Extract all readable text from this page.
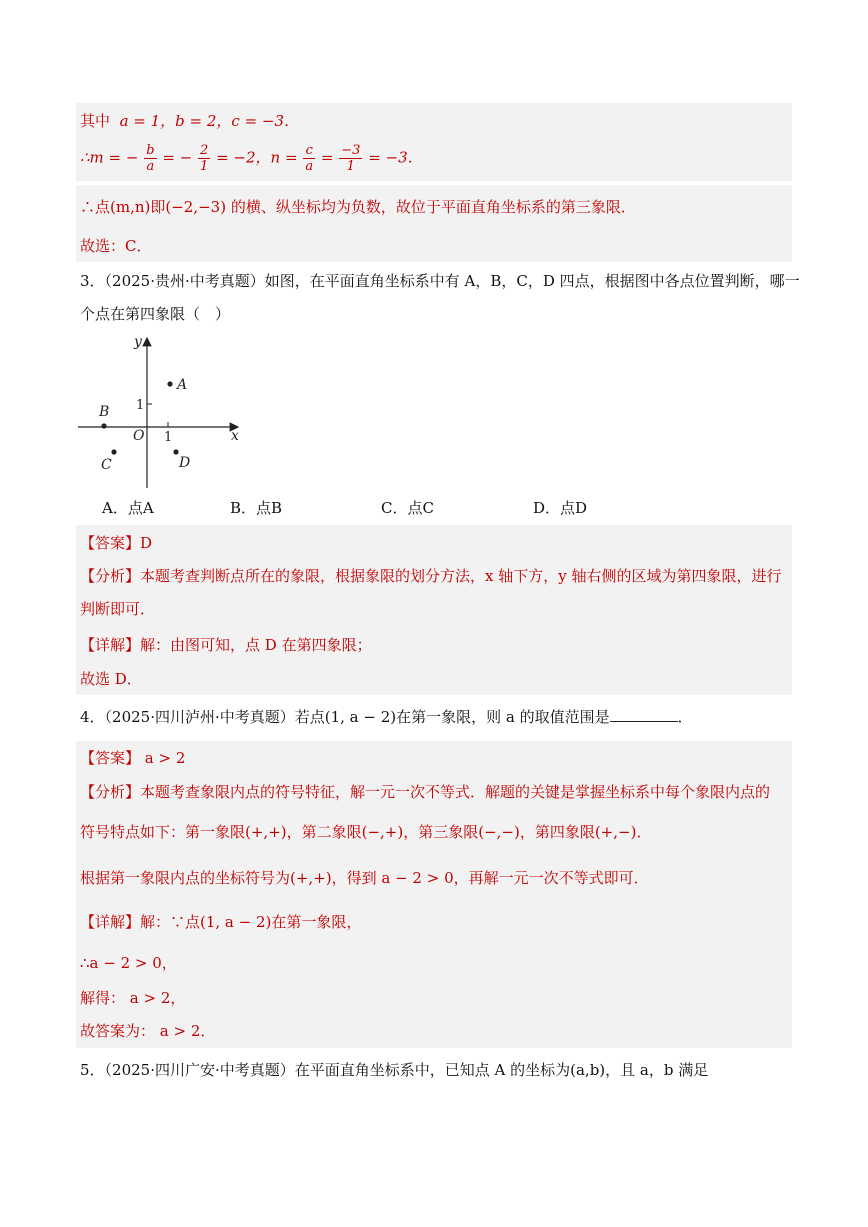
其中 a = 1，b = 2，c = −3．
∴m = − $\frac{b}{a}$ = − $\frac{2}{1} = -2$，$n = \frac{c}{a} = \frac{-3}{1} = -3$．
∴点(m,n)即(−2,−3) 的横、纵坐标均为负数，故位于平面直角坐标系的第三象限．
故选：C．
3．（2025·贵州·中考真题）如图，在平面直角坐标系中有 A，B，C，D 四点，根据图中各点位置判断，哪一
个点在第四象限（　）
y
x
O 1
1
A
B
C	D
A．点A	B．点B	C．点C	D．点D
【答案】D
【分析】本题考查判断点所在的象限，根据象限的划分方法，x 轴下方，y 轴右侧的区域为第四象限，进行
判断即可．
【详解】解：由图可知，点 D 在第四象限；
故选 D．
4．（2025·四川泸州·中考真题）若点(1, a − 2)在第一象限，则 a 的取值范围是	．
【答案】 a > 2
【分析】本题考查象限内点的符号特征，解一元一次不等式．解题的关键是掌握坐标系中每个象限内点的
符号特点如下：第一象限(+,+)，第二象限(−,+)，第三象限(−,−)，第四象限(+,−)．
根据第一象限内点的坐标符号为(+,+)，得到 a − 2 > 0，再解一元一次不等式即可．
【详解】解：∵点(1, a − 2)在第一象限，
∴a − 2 > 0，
解得： a > 2，
故答案为： a > 2．
5．（2025·四川广安·中考真题）在平面直角坐标系中，已知点 A 的坐标为(a,b)，且 a，b 满足
